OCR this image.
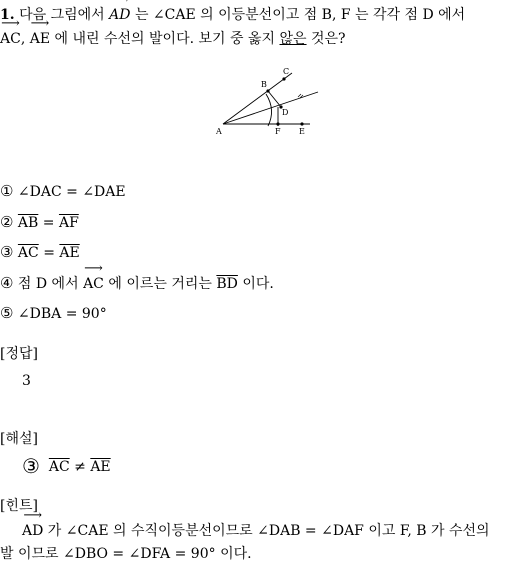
1. 다음 그림에서 ⟶ AD 는 ∠CAE 의 이등분선이고 점 B, F 는 각각 점 D 에서
⟶ AC, ⟶ AE 에 내린 수선의 발이다. 보기 중 옳지 않은 것은?
A
B
C
D
F E
① ∠DAC = ∠DAE
② $\overline{AB} = \overline{AF}$
③ $\overline{AC} = \overline{AE}$
④ 점 D 에서 ⟶ AC 에 이르는 거리는 $\overline{BD}$ 이다.
⑤ ∠DBA = 90°
[정답]
3
[해설]
③ $\overline{AC} \ne \overline{AE}$
[힌트]
⟶ AD 가 ∠CAE 의 수직이등분선이므로 ∠DAB = ∠DAF 이고 F, B 가 수선의
발 이므로 ∠DBO = ∠DFA = 90° 이다.
